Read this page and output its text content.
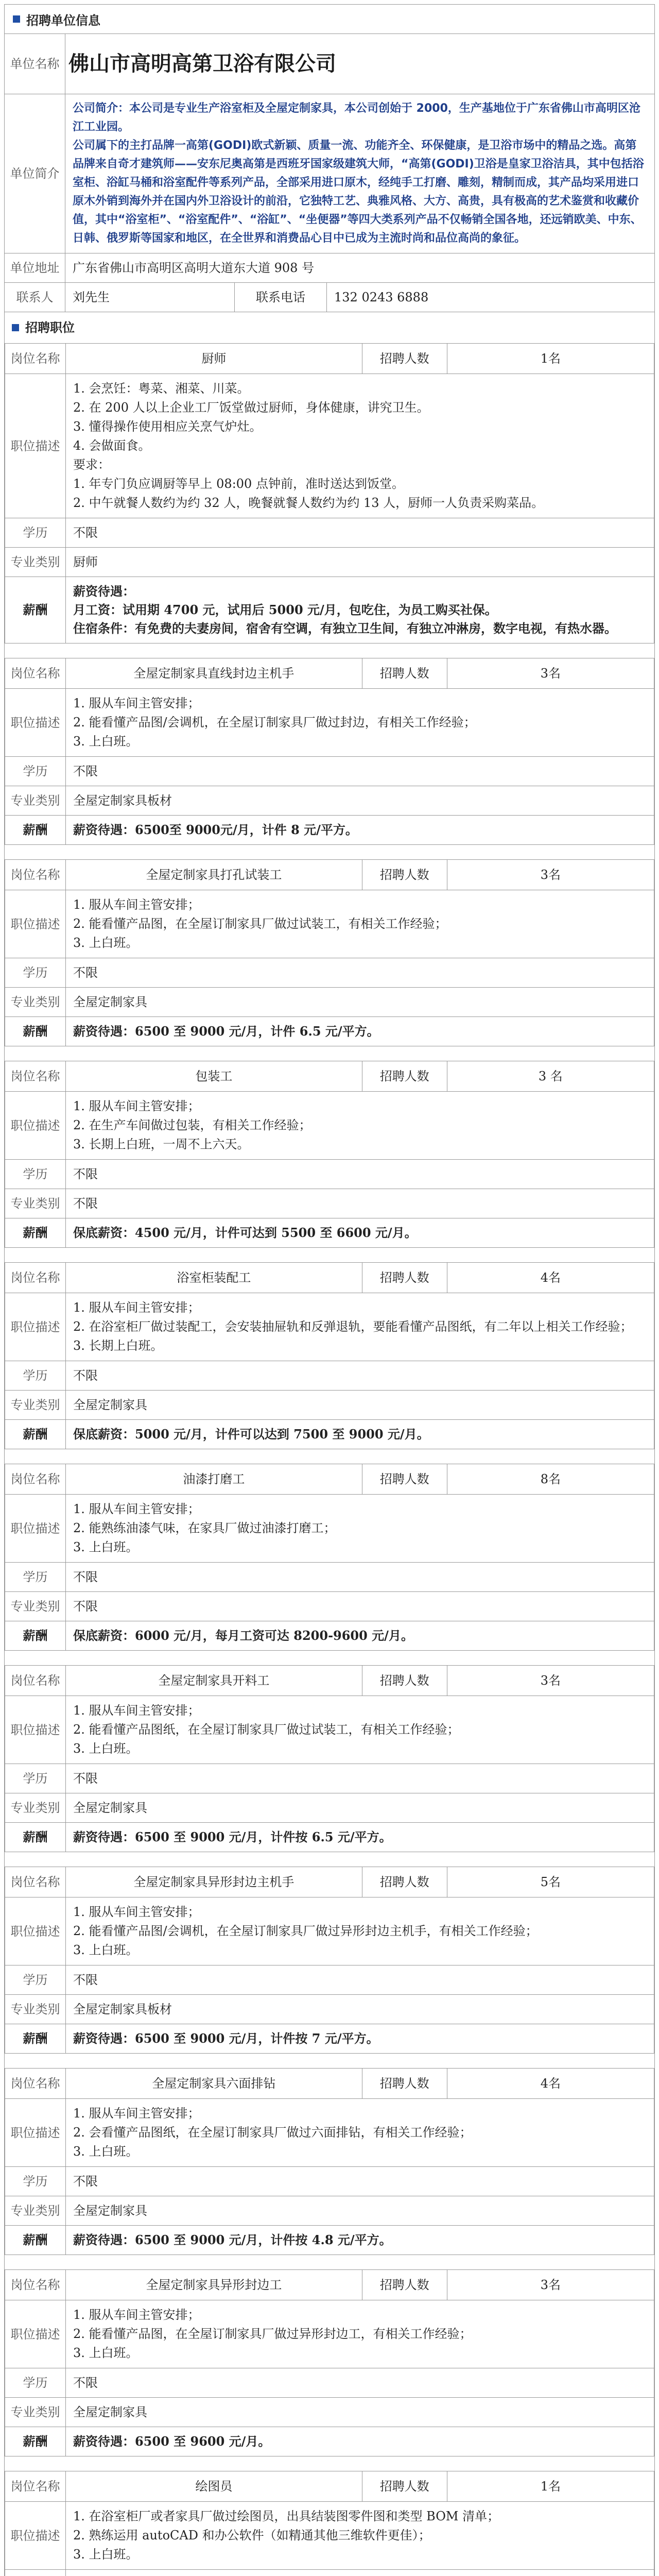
招聘单位信息
单位名称 佛山市高明高第卫浴有限公司
单位简介

公司简介：本公司是专业生产浴室柜及全屋定制家具，本公司创始于 2000，生产基地位于广东省佛山市高明区沧江工业园。

公司属下的主打品牌一高第(GODI)欧式新颖、质量一流、功能齐全、环保健康，是卫浴市场中的精品之选。高第品牌来自奇才建筑师——安东尼奥高第是西班牙国家级建筑大师，“高第(GODI)卫浴是皇家卫浴洁具，其中包括浴室柜、浴缸马桶和浴室配件等系列产品，全部采用进口原木，经纯手工打磨、雕刻，精制而成，其产品均采用进口原木外销到海外并在国内外卫浴设计的前沿，它独特工艺、典雅风格、大方、高贵，具有极高的艺术鉴赏和收藏价值，其中“浴室柜”、“浴室配件”、“浴缸”、“坐便器”等四大类系列产品不仅畅销全国各地，还远销欧美、中东、日韩、俄罗斯等国家和地区，在全世界和消费品心目中已成为主流时尚和品位高尚的象征。

单位地址	广东省佛山市高明区高明大道东大道 908 号
联系人	刘先生	联系电话	132 0243 6888
招聘职位
岗位名称	厨师	招聘人数	1名
职位描述
1. 会烹饪：粤菜、湘菜、川菜。
2. 在 200 人以上企业工厂饭堂做过厨师，身体健康，讲究卫生。
3. 懂得操作使用相应关烹气炉灶。
4. 会做面食。
要求：
1. 年专门负应调厨等早上 08:00 点钟前，准时送达到饭堂。
2. 中午就餐人数约为约 32 人，晚餐就餐人数约为约 13 人，厨师一人负责采购菜品。
学历	不限
专业类别	厨师
薪酬
薪资待遇：
月工资：试用期 4700 元，试用后 5000 元/月，包吃住，为员工购买社保。
住宿条件：有免费的夫妻房间，宿舍有空调，有独立卫生间，有独立冲淋房，数字电视，有热水器。
岗位名称	全屋定制家具直线封边主机手	招聘人数	3名
职位描述
1. 服从车间主管安排；
2. 能看懂产品图/会调机，在全屋订制家具厂做过封边，有相关工作经验；
3. 上白班。
学历	不限
专业类别	全屋定制家具板材
薪酬	薪资待遇：6500至 9000元/月，计件 8 元/平方。
岗位名称	全屋定制家具打孔试装工	招聘人数	3名
职位描述
1. 服从车间主管安排；
2. 能看懂产品图，在全屋订制家具厂做过试装工，有相关工作经验；
3. 上白班。
学历	不限
专业类别	全屋定制家具
薪酬	薪资待遇：6500 至 9000 元/月，计件 6.5 元/平方。
岗位名称	包装工	招聘人数	3 名
职位描述
1. 服从车间主管安排；
2. 在生产车间做过包装，有相关工作经验；
3. 长期上白班，一周不上六天。
学历	不限
专业类别	不限
薪酬	保底薪资：4500 元/月，计件可达到 5500 至 6600 元/月。
岗位名称	浴室柜装配工	招聘人数	4名
职位描述
1. 服从车间主管安排；
2. 在浴室柜厂做过装配工，会安装抽屉轨和反弹退轨，要能看懂产品图纸，有二年以上相关工作经验；
3. 长期上白班。
学历	不限
专业类别	全屋定制家具
薪酬	保底薪资：5000 元/月，计件可以达到 7500 至 9000 元/月。
岗位名称	油漆打磨工	招聘人数	8名
职位描述
1. 服从车间主管安排；
2. 能熟练油漆气味，在家具厂做过油漆打磨工；
3. 上白班。
学历	不限
专业类别	不限
薪酬	保底薪资：6000 元/月，每月工资可达 8200-9600 元/月。
岗位名称	全屋定制家具开料工	招聘人数	3名
职位描述
1. 服从车间主管安排；
2. 能看懂产品图纸，在全屋订制家具厂做过试装工，有相关工作经验；
3. 上白班。
学历	不限
专业类别	全屋定制家具
薪酬	薪资待遇：6500 至 9000 元/月，计件按 6.5 元/平方。
岗位名称	全屋定制家具异形封边主机手	招聘人数	5名
职位描述
1. 服从车间主管安排；
2. 能看懂产品图/会调机，在全屋订制家具厂做过异形封边主机手，有相关工作经验；
3. 上白班。
学历	不限
专业类别	全屋定制家具板材
薪酬	薪资待遇：6500 至 9000 元/月，计件按 7 元/平方。
岗位名称	全屋定制家具六面排钻	招聘人数	4名
职位描述
1. 服从车间主管安排；
2. 会看懂产品图纸，在全屋订制家具厂做过六面排钻，有相关工作经验；
3. 上白班。
学历	不限
专业类别	全屋定制家具
薪酬	薪资待遇：6500 至 9000 元/月，计件按 4.8 元/平方。
岗位名称	全屋定制家具异形封边工	招聘人数	3名
职位描述
1. 服从车间主管安排；
2. 能看懂产品图，在全屋订制家具厂做过异形封边工，有相关工作经验；
3. 上白班。
学历	不限
专业类别	全屋定制家具
薪酬	薪资待遇：6500 至 9600 元/月。
岗位名称	绘图员	招聘人数	1名
职位描述
1. 在浴室柜厂或者家具厂做过绘图员，出具结装图零件图和类型 BOM 清单；
2. 熟练运用 autoCAD 和办公软件（如精通其他三维软件更佳）；
3. 上白班。
